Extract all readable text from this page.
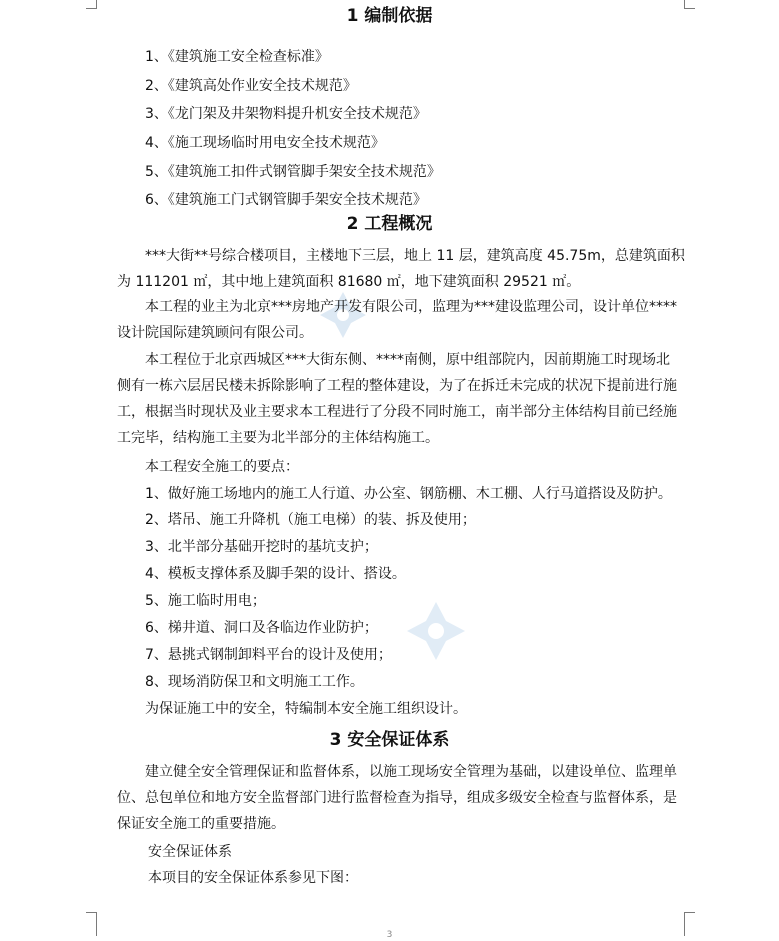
1 编制依据
1、《建筑施工安全检查标准》
2、《建筑高处作业安全技术规范》
3、《龙门架及井架物料提升机安全技术规范》
4、《施工现场临时用电安全技术规范》
5、《建筑施工扣件式钢管脚手架安全技术规范》
6、《建筑施工门式钢管脚手架安全技术规范》
2 工程概况
***大街**号综合楼项目，主楼地下三层，地上 11 层，建筑高度 45.75m，总建筑面积
为 111201 ㎡，其中地上建筑面积 81680 ㎡，地下建筑面积 29521 ㎡。
本工程的业主为北京***房地产开发有限公司，监理为***建设监理公司，设计单位****
设计院国际建筑顾问有限公司。
本工程位于北京西城区***大街东侧、****南侧，原中组部院内，因前期施工时现场北
侧有一栋六层居民楼未拆除影响了工程的整体建设，为了在拆迁未完成的状况下提前进行施
工，根据当时现状及业主要求本工程进行了分段不同时施工，南半部分主体结构目前已经施
工完毕，结构施工主要为北半部分的主体结构施工。
本工程安全施工的要点：
1、做好施工场地内的施工人行道、办公室、钢筋棚、木工棚、人行马道搭设及防护。
2、塔吊、施工升降机（施工电梯）的装、拆及使用；
3、北半部分基础开挖时的基坑支护；
4、模板支撑体系及脚手架的设计、搭设。
5、施工临时用电；
6、梯井道、洞口及各临边作业防护；
7、悬挑式钢制卸料平台的设计及使用；
8、现场消防保卫和文明施工工作。
为保证施工中的安全，特编制本安全施工组织设计。
3 安全保证体系
建立健全安全管理保证和监督体系，以施工现场安全管理为基础，以建设单位、监理单
位、总包单位和地方安全监督部门进行监督检查为指导，组成多级安全检查与监督体系，是
保证安全施工的重要措施。
安全保证体系
本项目的安全保证体系参见下图：
3
